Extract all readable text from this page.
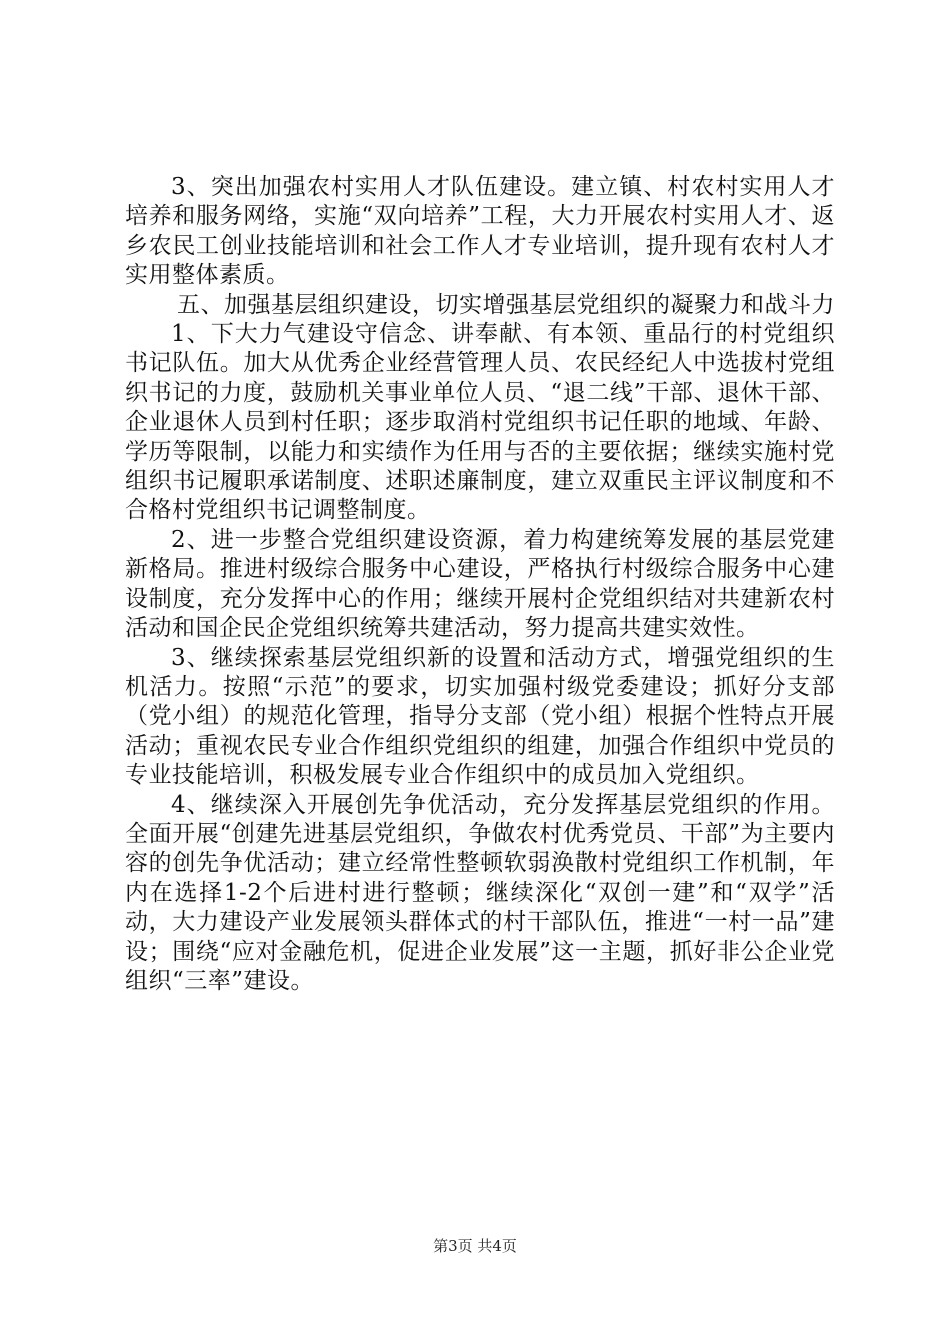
3、突出加强农村实用人才队伍建设。建立镇、村农村实用人才培养和服务网络，实施“双向培养”工程，大力开展农村实用人才、返乡农民工创业技能培训和社会工作人才专业培训，提升现有农村人才实用整体素质。

五、加强基层组织建设，切实增强基层党组织的凝聚力和战斗力

1、下大力气建设守信念、讲奉献、有本领、重品行的村党组织书记队伍。加大从优秀企业经营管理人员、农民经纪人中选拔村党组织书记的力度，鼓励机关事业单位人员、“退二线”干部、退休干部、企业退休人员到村任职；逐步取消村党组织书记任职的地域、年龄、学历等限制，以能力和实绩作为任用与否的主要依据；继续实施村党组织书记履职承诺制度、述职述廉制度，建立双重民主评议制度和不合格村党组织书记调整制度。

2、进一步整合党组织建设资源，着力构建统筹发展的基层党建新格局。推进村级综合服务中心建设，严格执行村级综合服务中心建设制度，充分发挥中心的作用；继续开展村企党组织结对共建新农村活动和国企民企党组织统筹共建活动，努力提高共建实效性。

3、继续探索基层党组织新的设置和活动方式，增强党组织的生机活力。按照“示范”的要求，切实加强村级党委建设；抓好分支部（党小组）的规范化管理，指导分支部（党小组）根据个性特点开展活动；重视农民专业合作组织党组织的组建，加强合作组织中党员的专业技能培训，积极发展专业合作组织中的成员加入党组织。

4、继续深入开展创先争优活动，充分发挥基层党组织的作用。全面开展“创建先进基层党组织，争做农村优秀党员、干部”为主要内容的创先争优活动；建立经常性整顿软弱涣散村党组织工作机制，年内在选择1-2个后进村进行整顿；继续深化“双创一建”和“双学”活动，大力建设产业发展领头群体式的村干部队伍，推进“一村一品”建设；围绕“应对金融危机，促进企业发展”这一主题，抓好非公企业党组织“三率”建设。

第3页 共4页
